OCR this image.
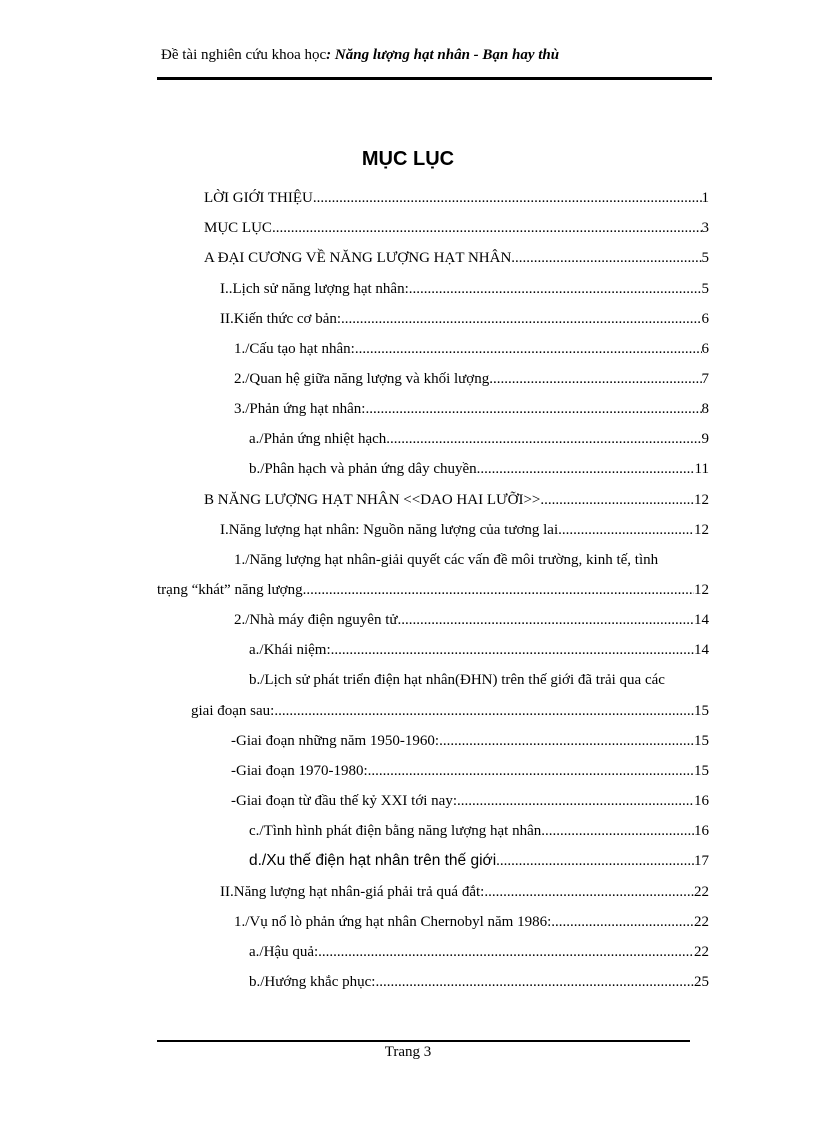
Đề tài nghiên cứu khoa học: Năng lượng hạt nhân - Bạn hay thù
MỤC LỤC
LỜI GIỚI THIỆU .....	1
MỤC LỤC .....	3
A ĐẠI CƯƠNG VỀ NĂNG LƯỢNG HẠT NHÂN .....	5
I..Lịch sử năng lượng hạt nhân: .....	5
II.Kiến thức cơ bản: .....	6
1./Cấu tạo hạt nhân: .....	6
2./Quan hệ giữa năng lượng và khối lượng .....	7
3./Phản ứng hạt nhân: .....	8
a./Phản ứng nhiệt hạch .....	9
b./Phân hạch và phản ứng dây chuyền .....	11
B NĂNG LƯỢNG HẠT NHÂN <<DAO HAI LƯỠI>> .....	12
I.Năng lượng hạt nhân: Nguồn năng lượng của tương lai .....	12
1./Năng lượng hạt nhân-giải quyết các vấn đề môi trường, kinh tế, tình
trạng “khát” năng lượng. .....	12
2./Nhà máy điện nguyên tử .....	14
a./Khái niệm: .....	14
b./Lịch sử phát triển điện hạt nhân(ĐHN) trên thế giới đã trải qua các
giai đoạn sau: .....	15
-Giai đoạn những năm 1950-1960: .....	15
-Giai đoạn 1970-1980: .....	15
-Giai đoạn từ đầu thế kỷ XXI tới nay: .....	16
c./Tình hình phát điện bằng năng lượng hạt nhân .....	16
d./Xu thế điện hạt nhân trên thế giới .....	17
II.Năng lượng hạt nhân-giá phải trả quá đắt: .....	22
1./Vụ nổ lò phản ứng hạt nhân Chernobyl năm 1986: .....	22
a./Hậu quả: .....	22
b./Hướng khắc phục: .....	25
Trang 3
